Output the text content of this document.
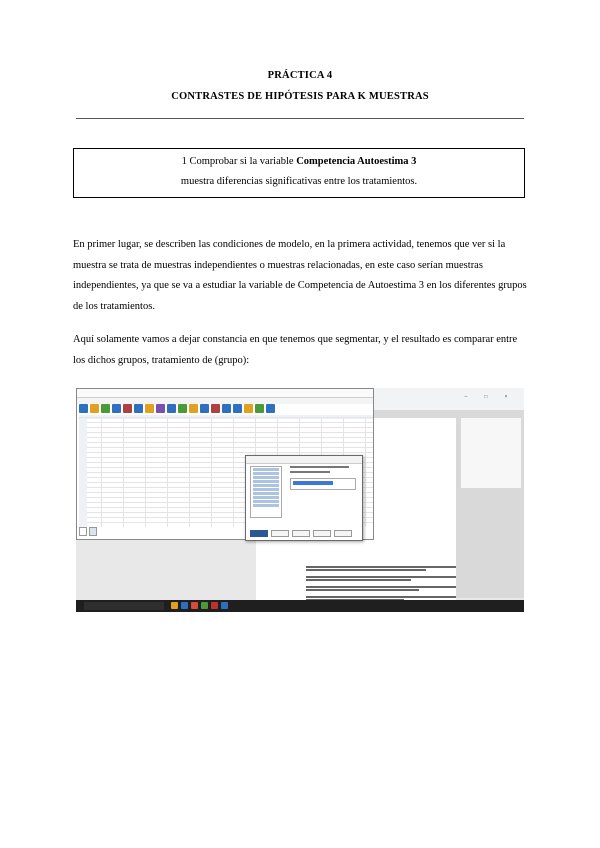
PRÁCTICA 4
CONTRASTES DE HIPÓTESIS PARA K MUESTRAS
1 Comprobar si la variable Competencia Autoestima 3
muestra diferencias significativas entre los tratamientos.
En primer lugar, se describen las condiciones de modelo, en la primera actividad, tenemos que ver si la muestra se trata de muestras independientes o muestras relacionadas, en este caso serían muestras independientes, ya que se va a estudiar la variable de Competencia de Autoestima 3 en los diferentes grupos de los tratamientos.
Aquí solamente vamos a dejar constancia en que tenemos que segmentar, y el resultado es comparar entre los dichos grupos, tratamiento de (grupo):
–	□	×
